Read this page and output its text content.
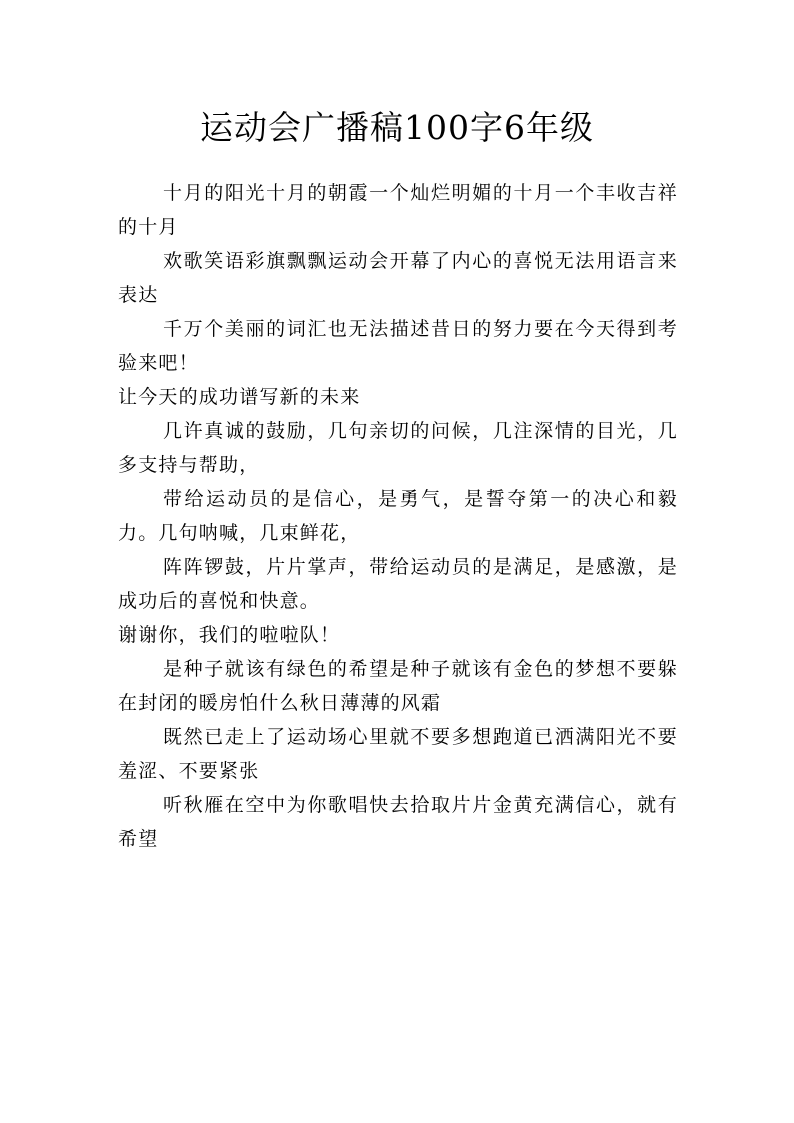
运动会广播稿100字6年级

十月的阳光十月的朝霞一个灿烂明媚的十月一个丰收吉祥的十月

欢歌笑语彩旗飘飘运动会开幕了内心的喜悦无法用语言来表达

千万个美丽的词汇也无法描述昔日的努力要在今天得到考验来吧！

让今天的成功谱写新的未来

几许真诚的鼓励，几句亲切的问候，几注深情的目光，几多支持与帮助，

带给运动员的是信心，是勇气，是誓夺第一的决心和毅力。几句呐喊，几束鲜花，

阵阵锣鼓，片片掌声，带给运动员的是满足，是感激，是成功后的喜悦和快意。

谢谢你，我们的啦啦队！

是种子就该有绿色的希望是种子就该有金色的梦想不要躲在封闭的暖房怕什么秋日薄薄的风霜

既然已走上了运动场心里就不要多想跑道已洒满阳光不要羞涩、不要紧张

听秋雁在空中为你歌唱快去拾取片片金黄充满信心，就有希望
